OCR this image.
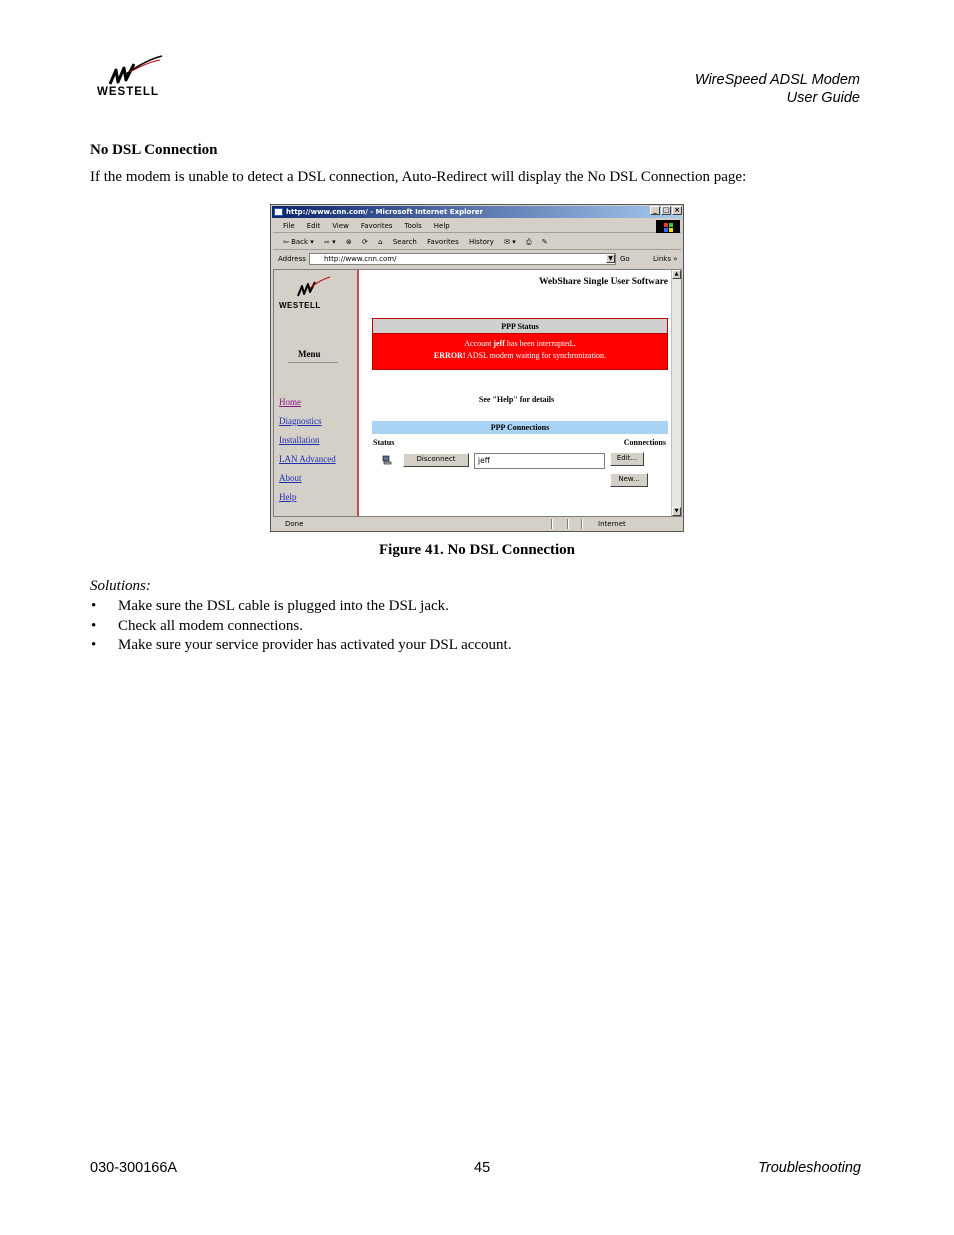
WESTELL
WireSpeed ADSL Modem
User Guide
No DSL Connection
If the modem is unable to detect a DSL connection, Auto-Redirect will display the No DSL Connection page:
http://www.cnn.com/ - Microsoft Internet Explorer	_ □ ×
File Edit View Favorites Tools Help
⇦ Back ▾ ⇨ ▾ ⊗ ⟳ ⌂ Search Favorites History ✉ ▾ ⎙ ✎
Address	http://www.cnn.com/	▼	Go	Links »
WESTELL
Menu
Home
Diagnostics
Installation
LAN Advanced
About
Help
WebShare Single User Software
PPP Status
Account jeff has been interrupted..
ERROR! ADSL modem waiting for synchronization.
See "Help" for details
PPP Connections
Status	Connections
Disconnect	jeff	Edit...
New...
▲
▼
Done	Internet
Figure 41. No DSL Connection
Solutions:
• Make sure the DSL cable is plugged into the DSL jack.
• Check all modem connections.
• Make sure your service provider has activated your DSL account.
030-300166A	45	Troubleshooting
